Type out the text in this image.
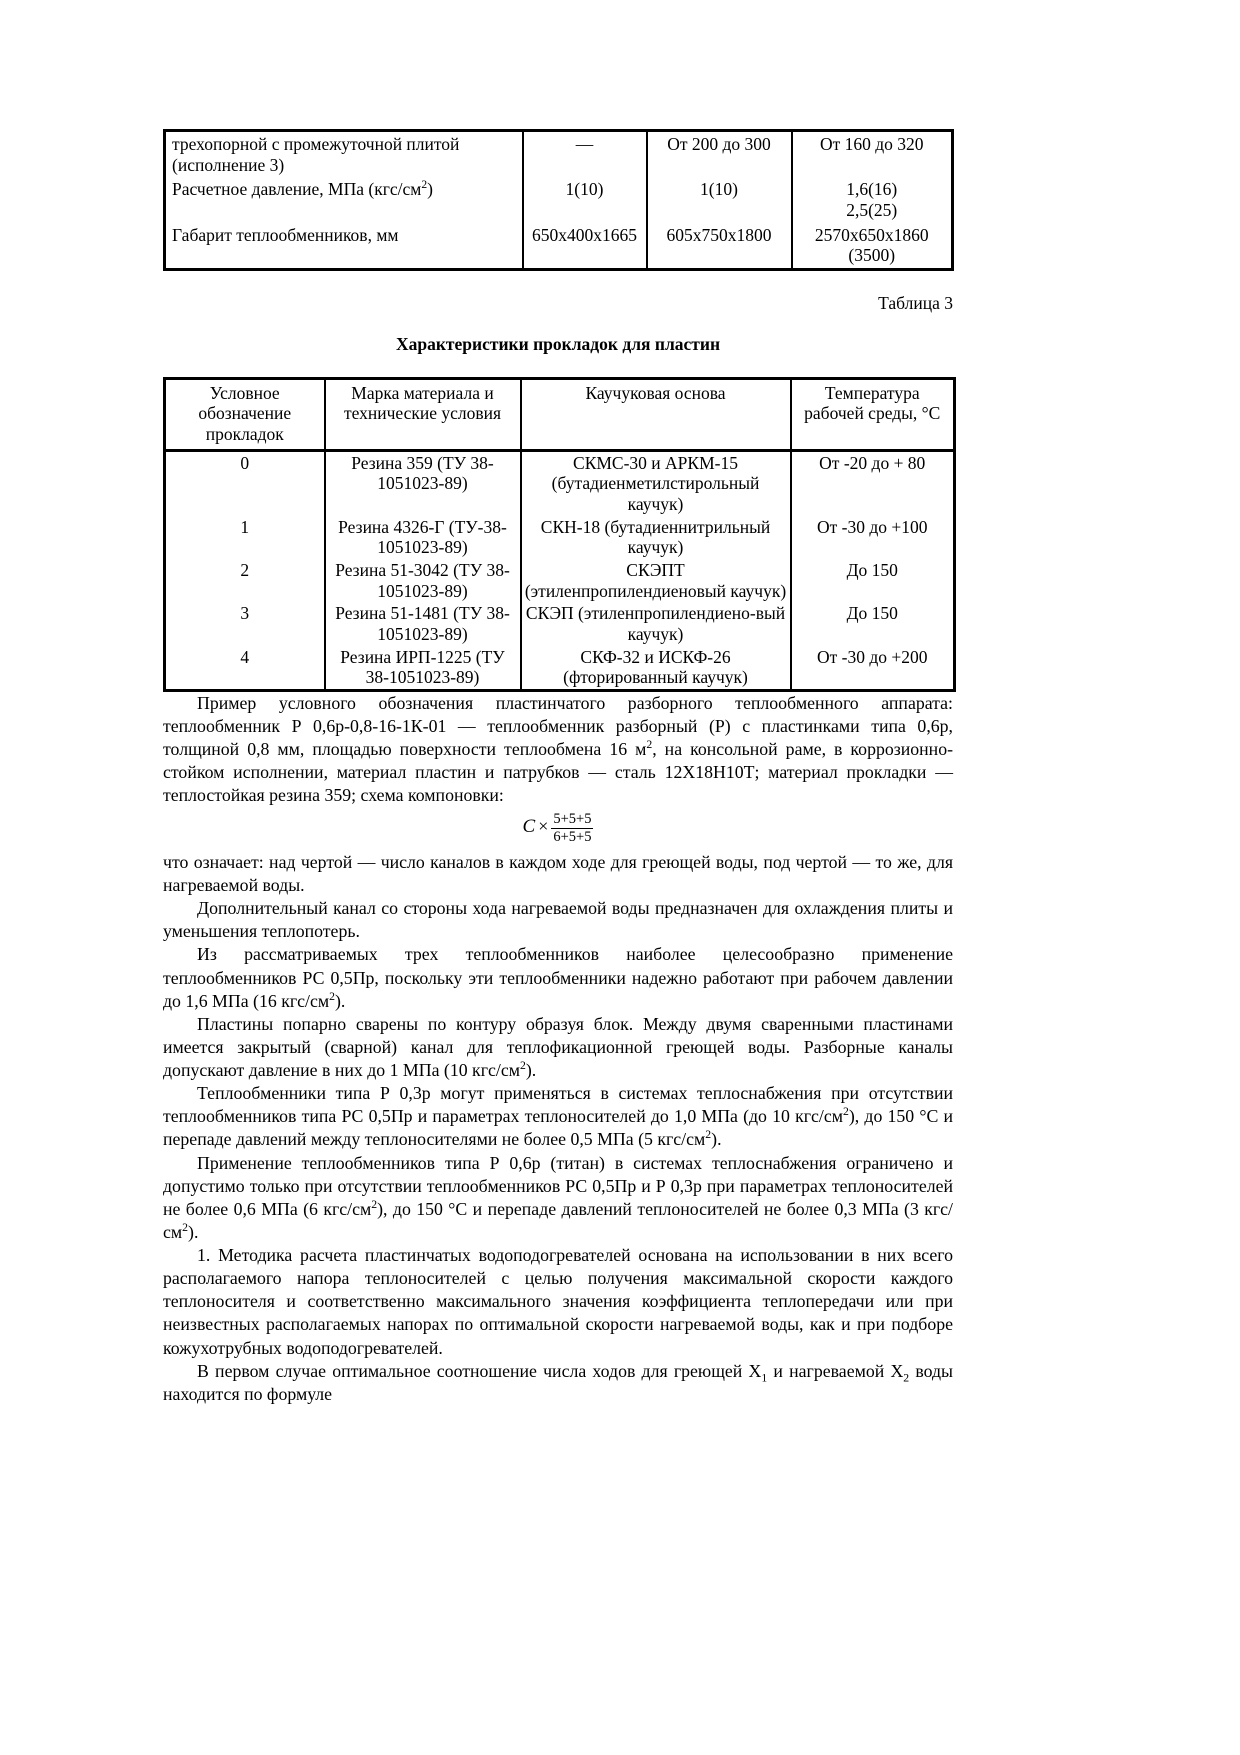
трехопорной с промежуточной плитой (исполнение 3)	—	От 200 до 300	От 160 до 320
Расчетное давление, МПа $(кгс/см^2)$	1(10)	1(10)	1,6(16)
2,5(25)

Габарит теплообменников, мм	650x400x1665	605x750x1800	2570x650x1860
(3500)
Таблица 3
Характеристики прокладок для пластин
Условное обозначение прокладок	Марка материала и технические условия	Каучуковая основа	Температура рабочей среды, °С
0	Резина 359 (ТУ 38-1051023-89)	СКМС-30 и АРКМ-15 (бутадиенметилстирольный каучук)	От -20 до + 80
1	Резина 4326-Г (ТУ-38-1051023-89)	СКН-18 (бутадиеннитрильный каучук)	От -30 до +100
2	Резина 51-3042 (ТУ 38-1051023-89)	СКЭПТ (этиленпропилендиеновый каучук)	До 150
3	Резина 51-1481 (ТУ 38-1051023-89)	СКЭП (этиленпропилендиено-вый каучук)	До 150
4	Резина ИРП-1225 (ТУ 38-1051023-89)	СКФ-32 и ИСКФ-26 (фторированный каучук)	От -30 до +200

Пример условного обозначения пластинчатого разборного теплообменного аппарата: теплообменник Р 0,6р-0,8-16-1К-01 — теплообменник разборный (Р) с пластинками типа 0,6р, толщиной 0,8 мм, площадью поверхности теплообмена 16 $м^2$, на консольной раме, в коррозионно-стойком исполнении, материал пластин и патрубков — сталь 12Х18Н10Т; материал прокладки — теплостойкая резина 359; схема компоновки:

$C \times \frac{5+5+5}{6+5+5}$

что означает: над чертой — число каналов в каждом ходе для греющей воды, под чертой — то же, для нагреваемой воды.

Дополнительный канал со стороны хода нагреваемой воды предназначен для охлаждения плиты и уменьшения теплопотерь.

Из рассматриваемых трех теплообменников наиболее целесообразно применение теплообменников РС 0,5Пр, поскольку эти теплообменники надежно работают при рабочем давлении до 1,6 МПа (16 кгс/$см^2$).

Пластины попарно сварены по контуру образуя блок. Между двумя сваренными пластинами имеется закрытый (сварной) канал для теплофикационной греющей воды. Разборные каналы допускают давление в них до 1 МПа (10 кгс/$см^2$).

Теплообменники типа Р 0,3р могут применяться в системах теплоснабжения при отсутствии теплообменников типа РС 0,5Пр и параметрах теплоносителей до 1,0 МПа (до 10 кгс/$см^2$), до 150 °C и перепаде давлений между теплоносителями не более 0,5 МПа (5 кгс/$см^2$).

Применение теплообменников типа Р 0,6р (титан) в системах теплоснабжения ограничено и допустимо только при отсутствии теплообменников РС 0,5Пр и Р 0,3р при параметрах теплоносителей не более 0,6 МПа (6 кгс/$см^2$), до 150 °C и перепаде давлений теплоносителей не более 0,3 МПа (3 кгс/$см^2$).

1. Методика расчета пластинчатых водоподогревателей основана на использовании в них всего располагаемого напора теплоносителей с целью получения максимальной скорости каждого теплоносителя и соответственно максимального значения коэффициента теплопередачи или при неизвестных располагаемых напорах по оптимальной скорости нагреваемой воды, как и при подборе кожухотрубных водоподогревателей.

В первом случае оптимальное соотношение числа ходов для греющей $X_1$ и нагреваемой $X_2$ воды находится по формуле
